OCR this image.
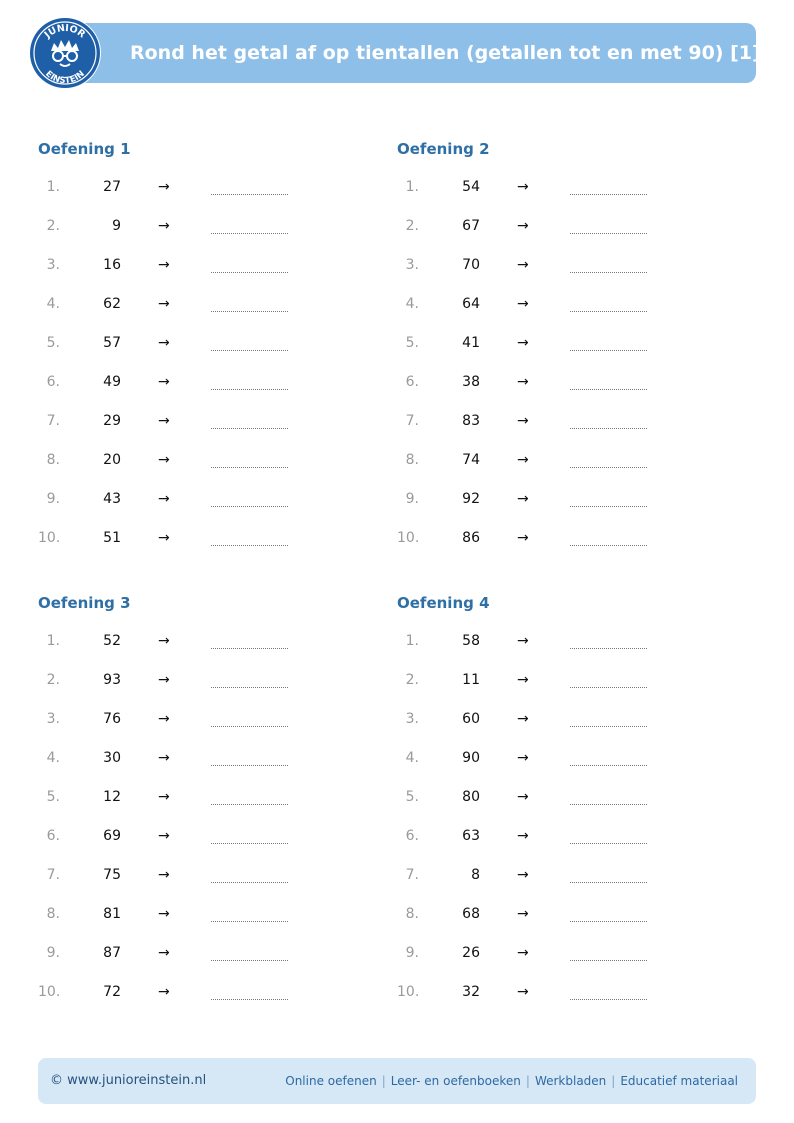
Rond het getal af op tientallen (getallen tot en met 90) [1]
JUNIOR
EINSTEIN
Oefening 1
1.	27	→
2.	9	→
3.	16	→
4.	62	→
5.	57	→
6.	49	→
7.	29	→
8.	20	→
9.	43	→
10.	51	→
Oefening 2
1.	54	→
2.	67	→
3.	70	→
4.	64	→
5.	41	→
6.	38	→
7.	83	→
8.	74	→
9.	92	→
10.	86	→
Oefening 3
1.	52	→
2.	93	→
3.	76	→
4.	30	→
5.	12	→
6.	69	→
7.	75	→
8.	81	→
9.	87	→
10.	72	→
Oefening 4
1.	58	→
2.	11	→
3.	60	→
4.	90	→
5.	80	→
6.	63	→
7.	8	→
8.	68	→
9.	26	→
10.	32	→
© www.junioreinstein.nl	Online oefenen | Leer- en oefenboeken | Werkbladen | Educatief materiaal
